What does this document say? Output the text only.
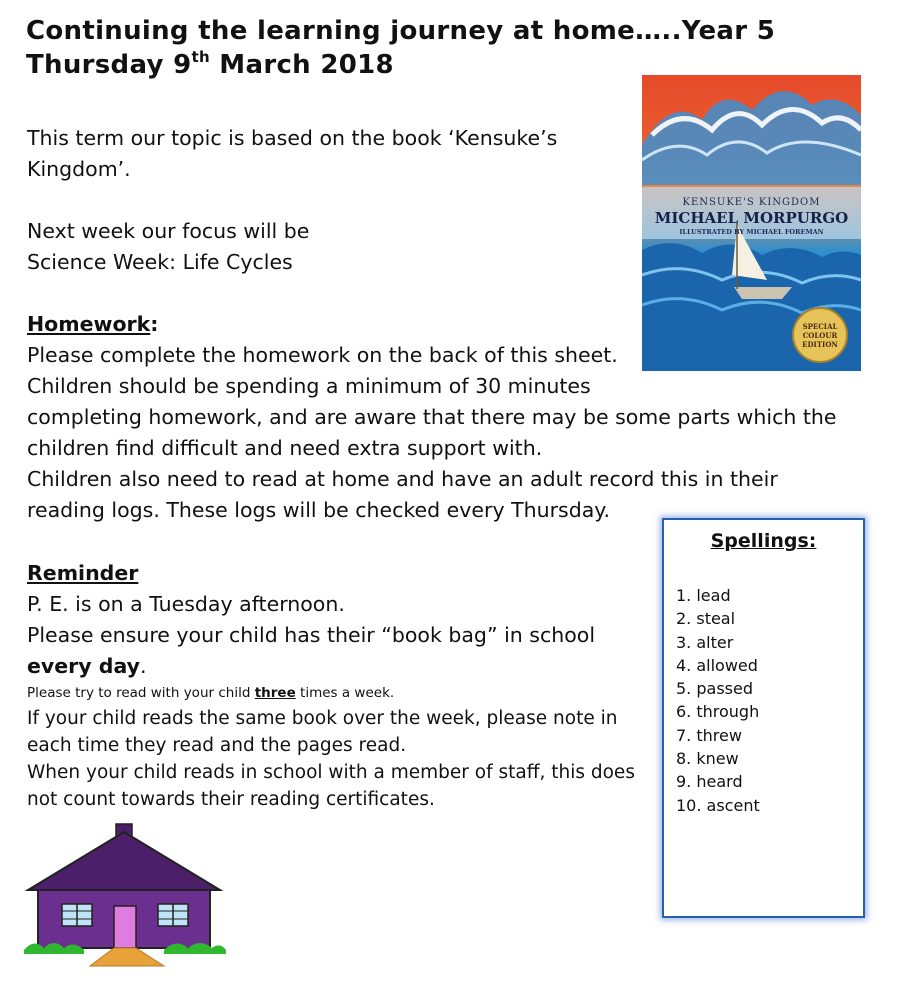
Continuing the learning journey at home…..Year 5
Thursday 9th March 2018
This term our topic is based on the book ‘Kensuke’s
Kingdom’.
Next week our focus will be
Science Week: Life Cycles
Homework:
Please complete the homework on the back of this sheet.
Children should be spending a minimum of 30 minutes
completing homework, and are aware that there may be some parts which the
children find difficult and need extra support with.
Children also need to read at home and have an adult record this in their
reading logs. These logs will be checked every Thursday.
Reminder
P. E. is on a Tuesday afternoon.
Please ensure your child has their “book bag” in school
every day.
Please try to read with your child three times a week.
If your child reads the same book over the week, please note in
each time they read and the pages read.
When your child reads in school with a member of staff, this does
not count towards their reading certificates.
KENSUKE'S KINGDOM
MICHAEL MORPURGO
ILLUSTRATED BY MICHAEL FOREMAN
SPECIAL
COLOUR
EDITION
Spellings:
1. lead
2. steal
3. alter
4. allowed
5. passed
6. through
7. threw
8. knew
9. heard
10. ascent
